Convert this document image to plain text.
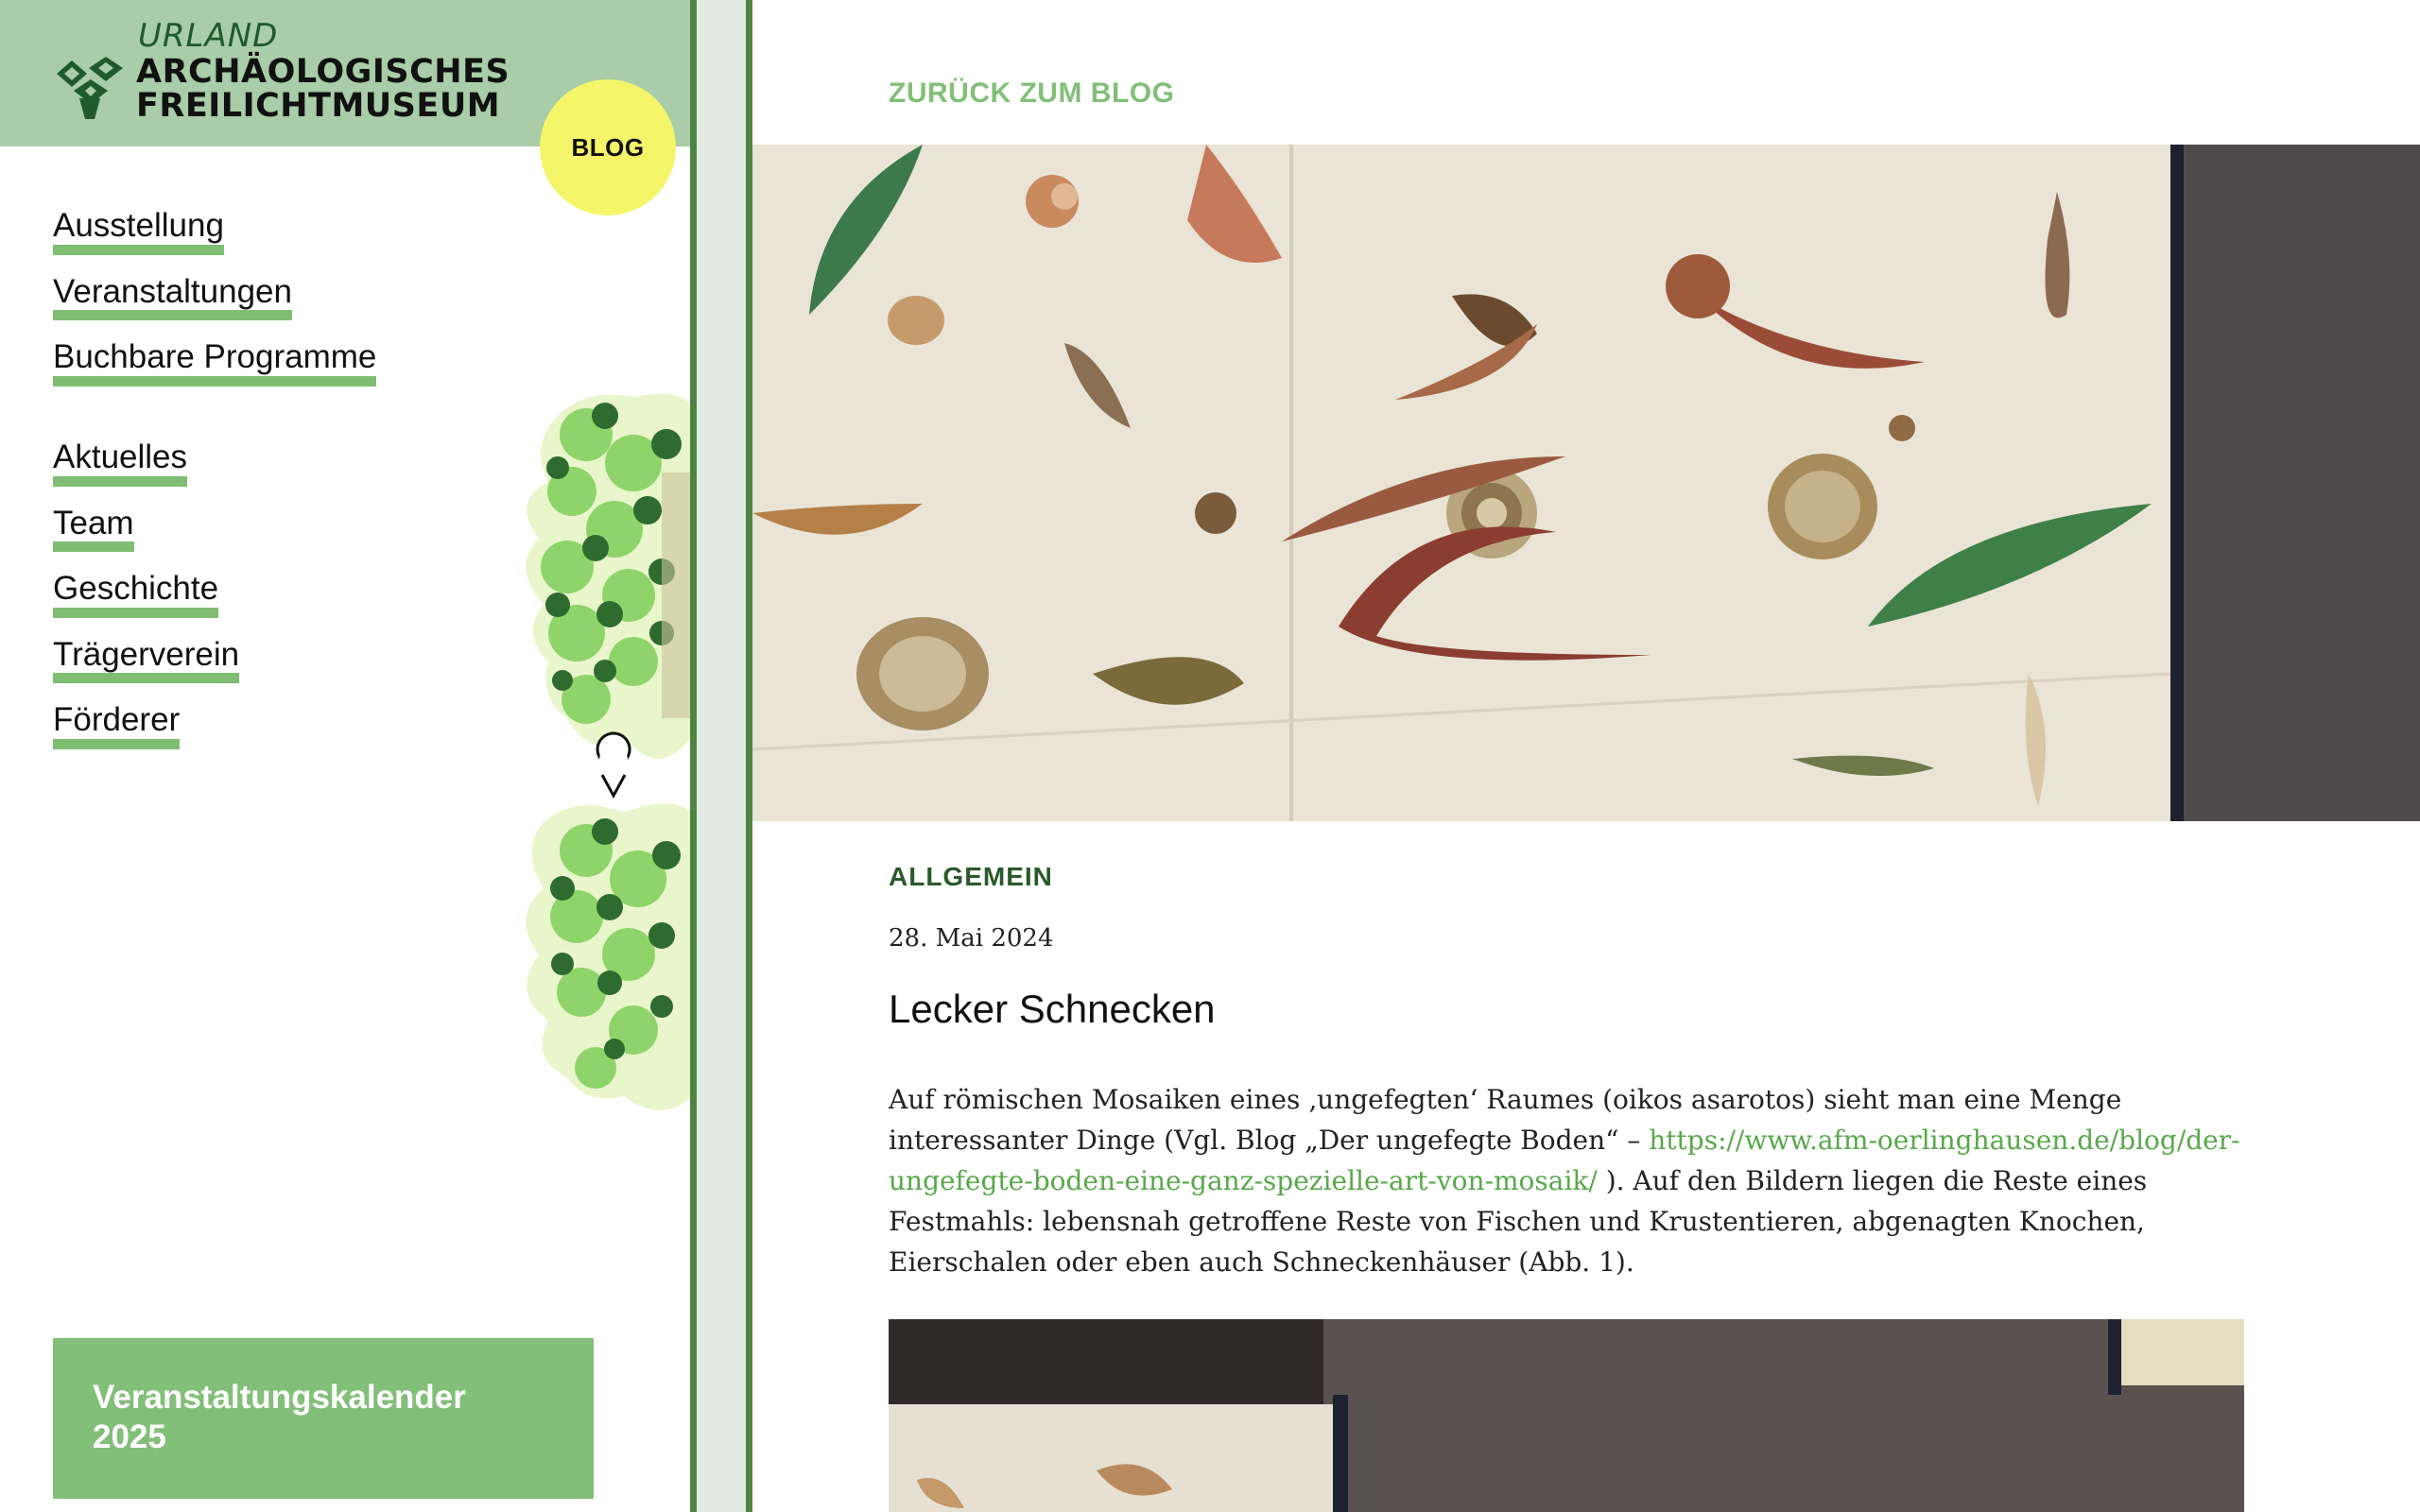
URLAND
ARCHÄOLOGISCHES
FREILICHTMUSEUM
BLOG
Ausstellung
Veranstaltungen
Buchbare Programme
Aktuelles
Team
Geschichte
Trägerverein
Förderer
Veranstaltungskalender
2025
ZURÜCK ZUM BLOG
ALLGEMEIN
28. Mai 2024
Lecker Schnecken

Auf römischen Mosaiken eines ‚ungefegten‘ Raumes (oikos asarotos) sieht man eine Menge interessanter Dinge (Vgl. Blog „Der ungefegte Boden“ – https://www.afm-oerlinghausen.de/blog/der-ungefegte-boden-eine-ganz-spezielle-art-von-mosaik/ ). Auf den Bildern liegen die Reste eines Festmahls: lebensnah getroffene Reste von Fischen und Krustentieren, abgenagten Knochen, Eierschalen oder eben auch Schneckenhäuser (Abb. 1).
